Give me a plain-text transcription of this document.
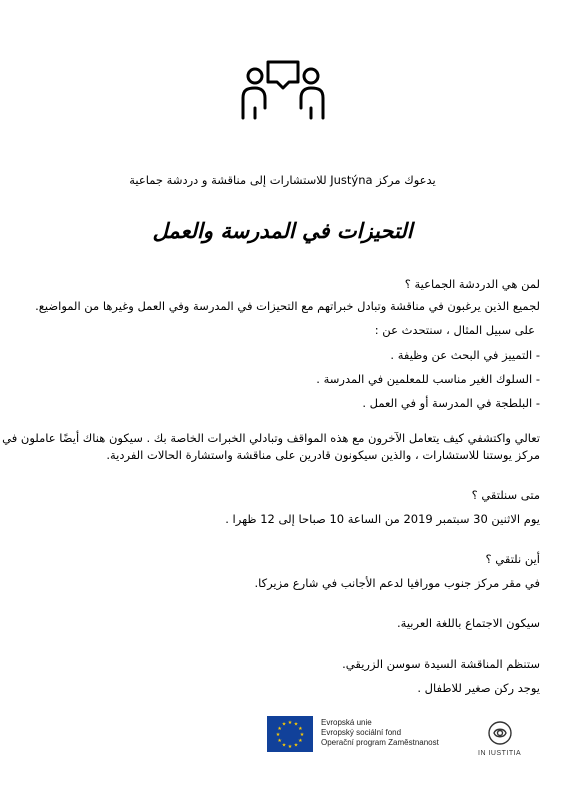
يدعوك مركز Justýna للاستشارات إلى مناقشة و دردشة جماعية
التحيزات في المدرسة والعمل
لمن هي الدردشة الجماعية ؟
لجميع الذين يرغبون في مناقشة وتبادل خبراتهم مع التحيزات في المدرسة وفي العمل وغيرها من المواضيع.
على سبيل المثال ، سنتحدث عن :
- التمييز في البحث عن وظيفة .
- السلوك الغير مناسب للمعلمين في المدرسة .
- البلطجة في المدرسة أو في العمل .
تعالي واكتشفي كيف يتعامل الآخرون مع هذه المواقف وتبادلي الخبرات الخاصة بك . سيكون هناك أيضًا عاملون في
مركز يوستنا للاستشارات ، والذين سيكونون قادرين على مناقشة واستشارة الحالات الفردية.
متى سنلتقي ؟
يوم الاثنين 30 سبتمبر 2019 من الساعة 10 صباحا إلى 12 ظهرا .
أين نلتقي ؟
في مقر مركز جنوب مورافيا لدعم الأجانب في شارع مزيركا.
سيكون الاجتماع باللغة العربية.
ستنظم المناقشة السيدة سوسن الزريقي.
يوجد ركن صغير للاطفال .
★ ★
★
★
★
★
★
★
★
★
★
★	Evropská unie
Evropský sociální fond
Operační program Zaměstnanost
IN IUSTITIA
